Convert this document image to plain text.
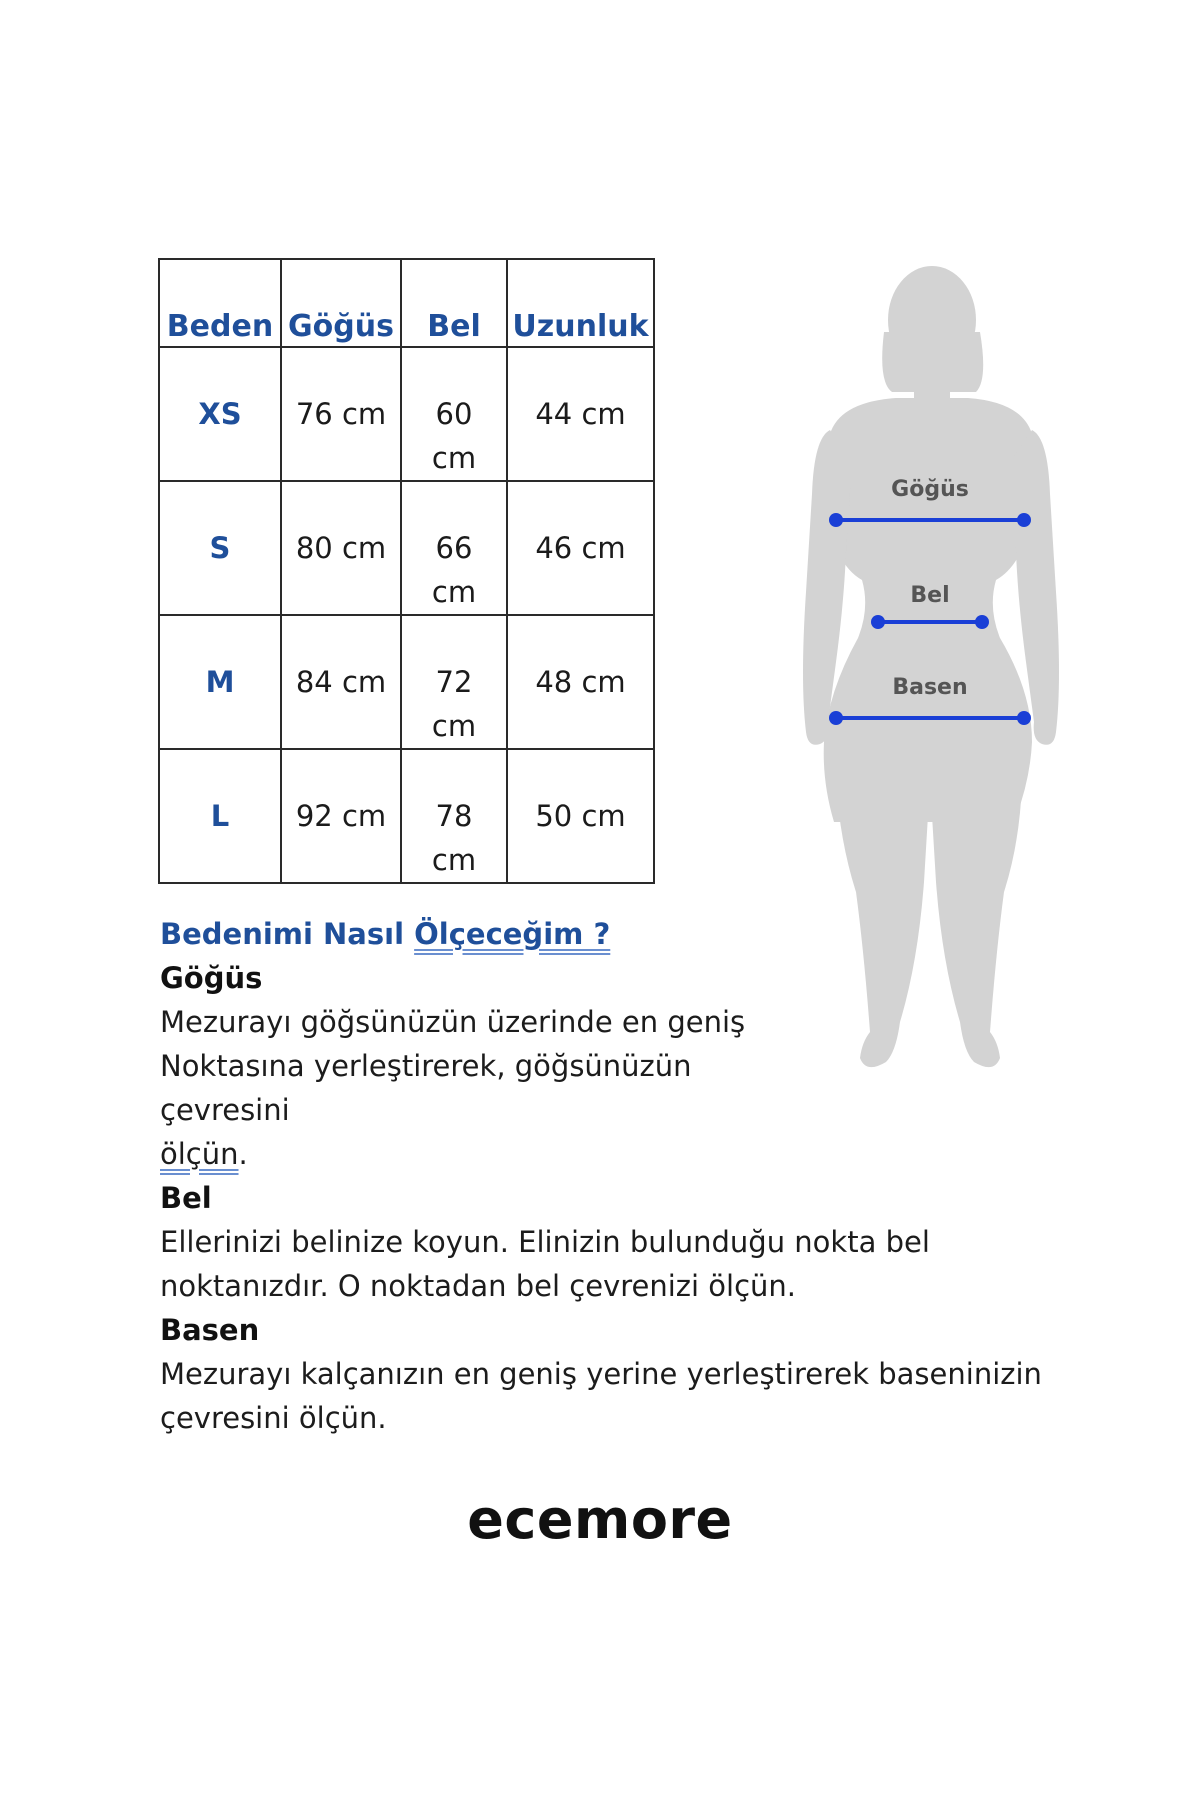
Beden	Göğüs	Bel	Uzunluk
XS	76 cm	60 cm	44 cm
S	80 cm	66 cm	46 cm
M	84 cm	72 cm	48 cm
L	92 cm	78 cm	50 cm
Göğüs
Bel
Basen

Bedenimi Nasıl Ölçeceğim ?

Göğüs

Mezurayı göğsünüzün üzerinde en geniş
Noktasına yerleştirerek, göğsünüzün
çevresini
ölçün.

Bel

Ellerinizi belinize koyun. Elinizin bulunduğu nokta bel
noktanızdır. O noktadan bel çevrenizi ölçün.

Basen

Mezurayı kalçanızın en geniş yerine yerleştirerek baseninizin
çevresini ölçün.

ecemore
